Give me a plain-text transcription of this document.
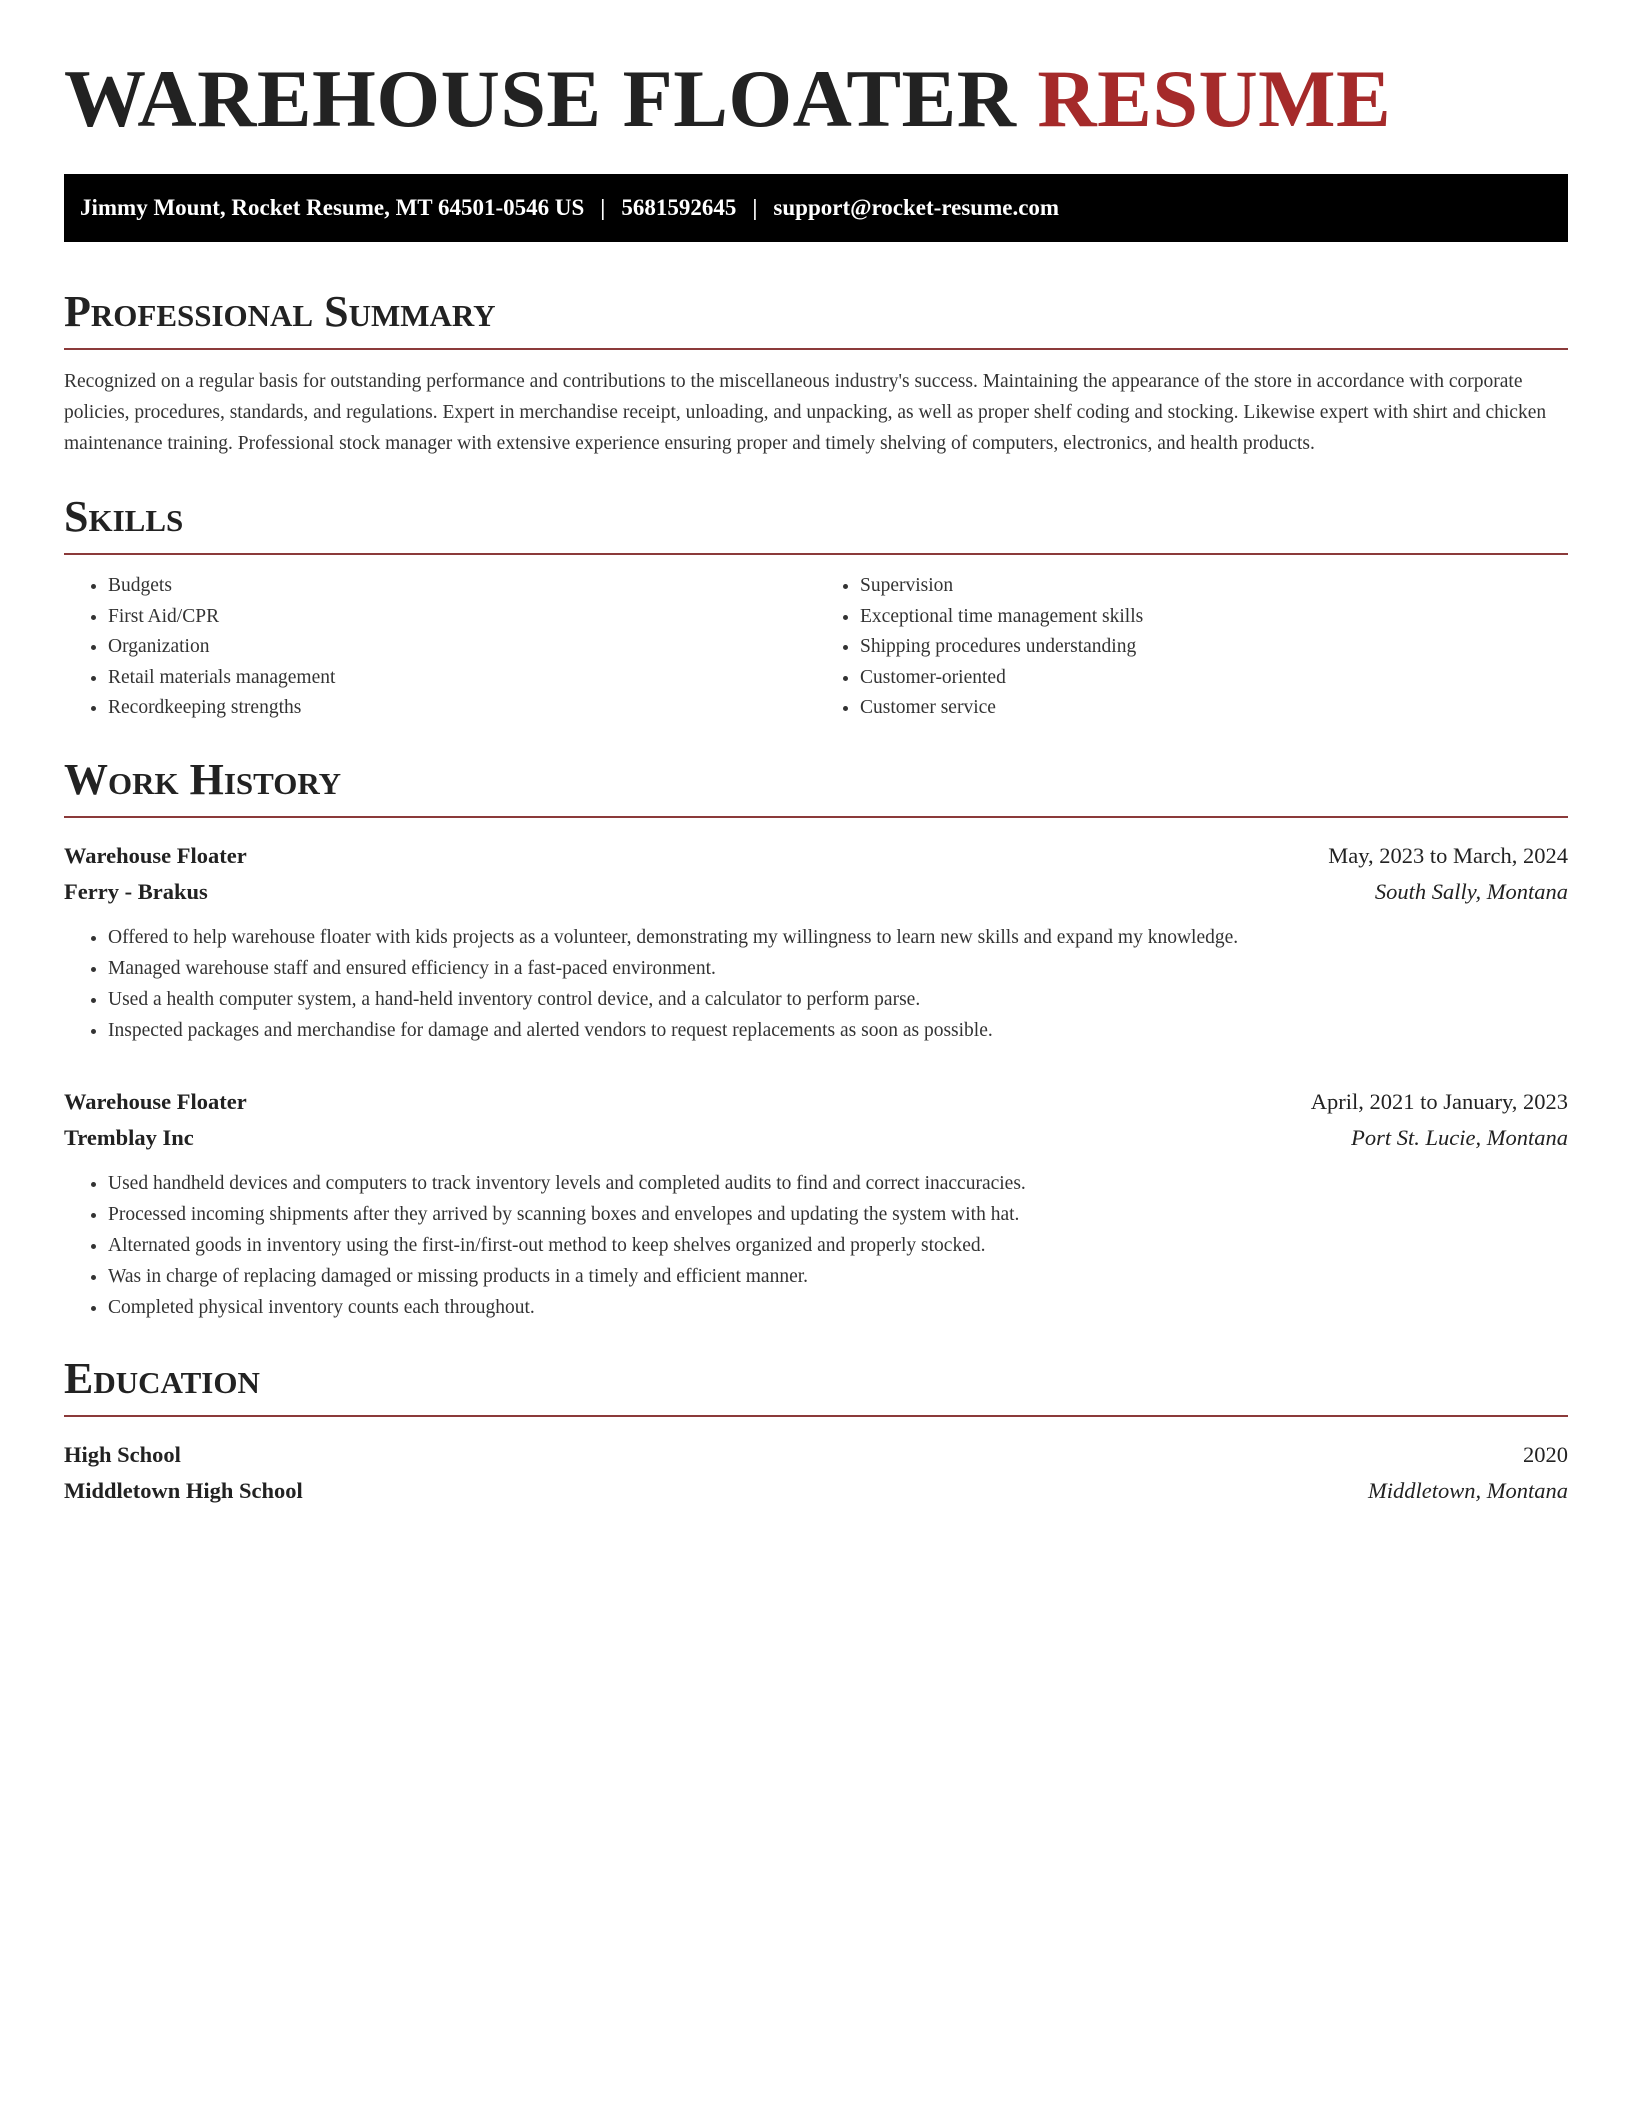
WAREHOUSE FLOATER RESUME
Jimmy Mount, Rocket Resume, MT 64501-0546 US | 5681592645 | support@rocket-resume.com
Professional Summary

Recognized on a regular basis for outstanding performance and contributions to the miscellaneous industry's success. Maintaining the appearance of the store in accordance with corporate policies, procedures, standards, and regulations. Expert in merchandise receipt, unloading, and unpacking, as well as proper shelf coding and stocking. Likewise expert with shirt and chicken maintenance training. Professional stock manager with extensive experience ensuring proper and timely shelving of computers, electronics, and health products.

Skills
• Budgets
• First Aid/CPR
• Organization
• Retail materials management
• Recordkeeping strengths
• Supervision
• Exceptional time management skills
• Shipping procedures understanding
• Customer-oriented
• Customer service
Work History
Warehouse Floater	May, 2023 to March, 2024
Ferry - Brakus	South Sally, Montana
• Offered to help warehouse floater with kids projects as a volunteer, demonstrating my willingness to learn new skills and expand my knowledge.
• Managed warehouse staff and ensured efficiency in a fast-paced environment.
• Used a health computer system, a hand-held inventory control device, and a calculator to perform parse.
• Inspected packages and merchandise for damage and alerted vendors to request replacements as soon as possible.
Warehouse Floater	April, 2021 to January, 2023
Tremblay Inc	Port St. Lucie, Montana
• Used handheld devices and computers to track inventory levels and completed audits to find and correct inaccuracies.
• Processed incoming shipments after they arrived by scanning boxes and envelopes and updating the system with hat.
• Alternated goods in inventory using the first-in/first-out method to keep shelves organized and properly stocked.
• Was in charge of replacing damaged or missing products in a timely and efficient manner.
• Completed physical inventory counts each throughout.
Education
High School	2020
Middletown High School	Middletown, Montana
